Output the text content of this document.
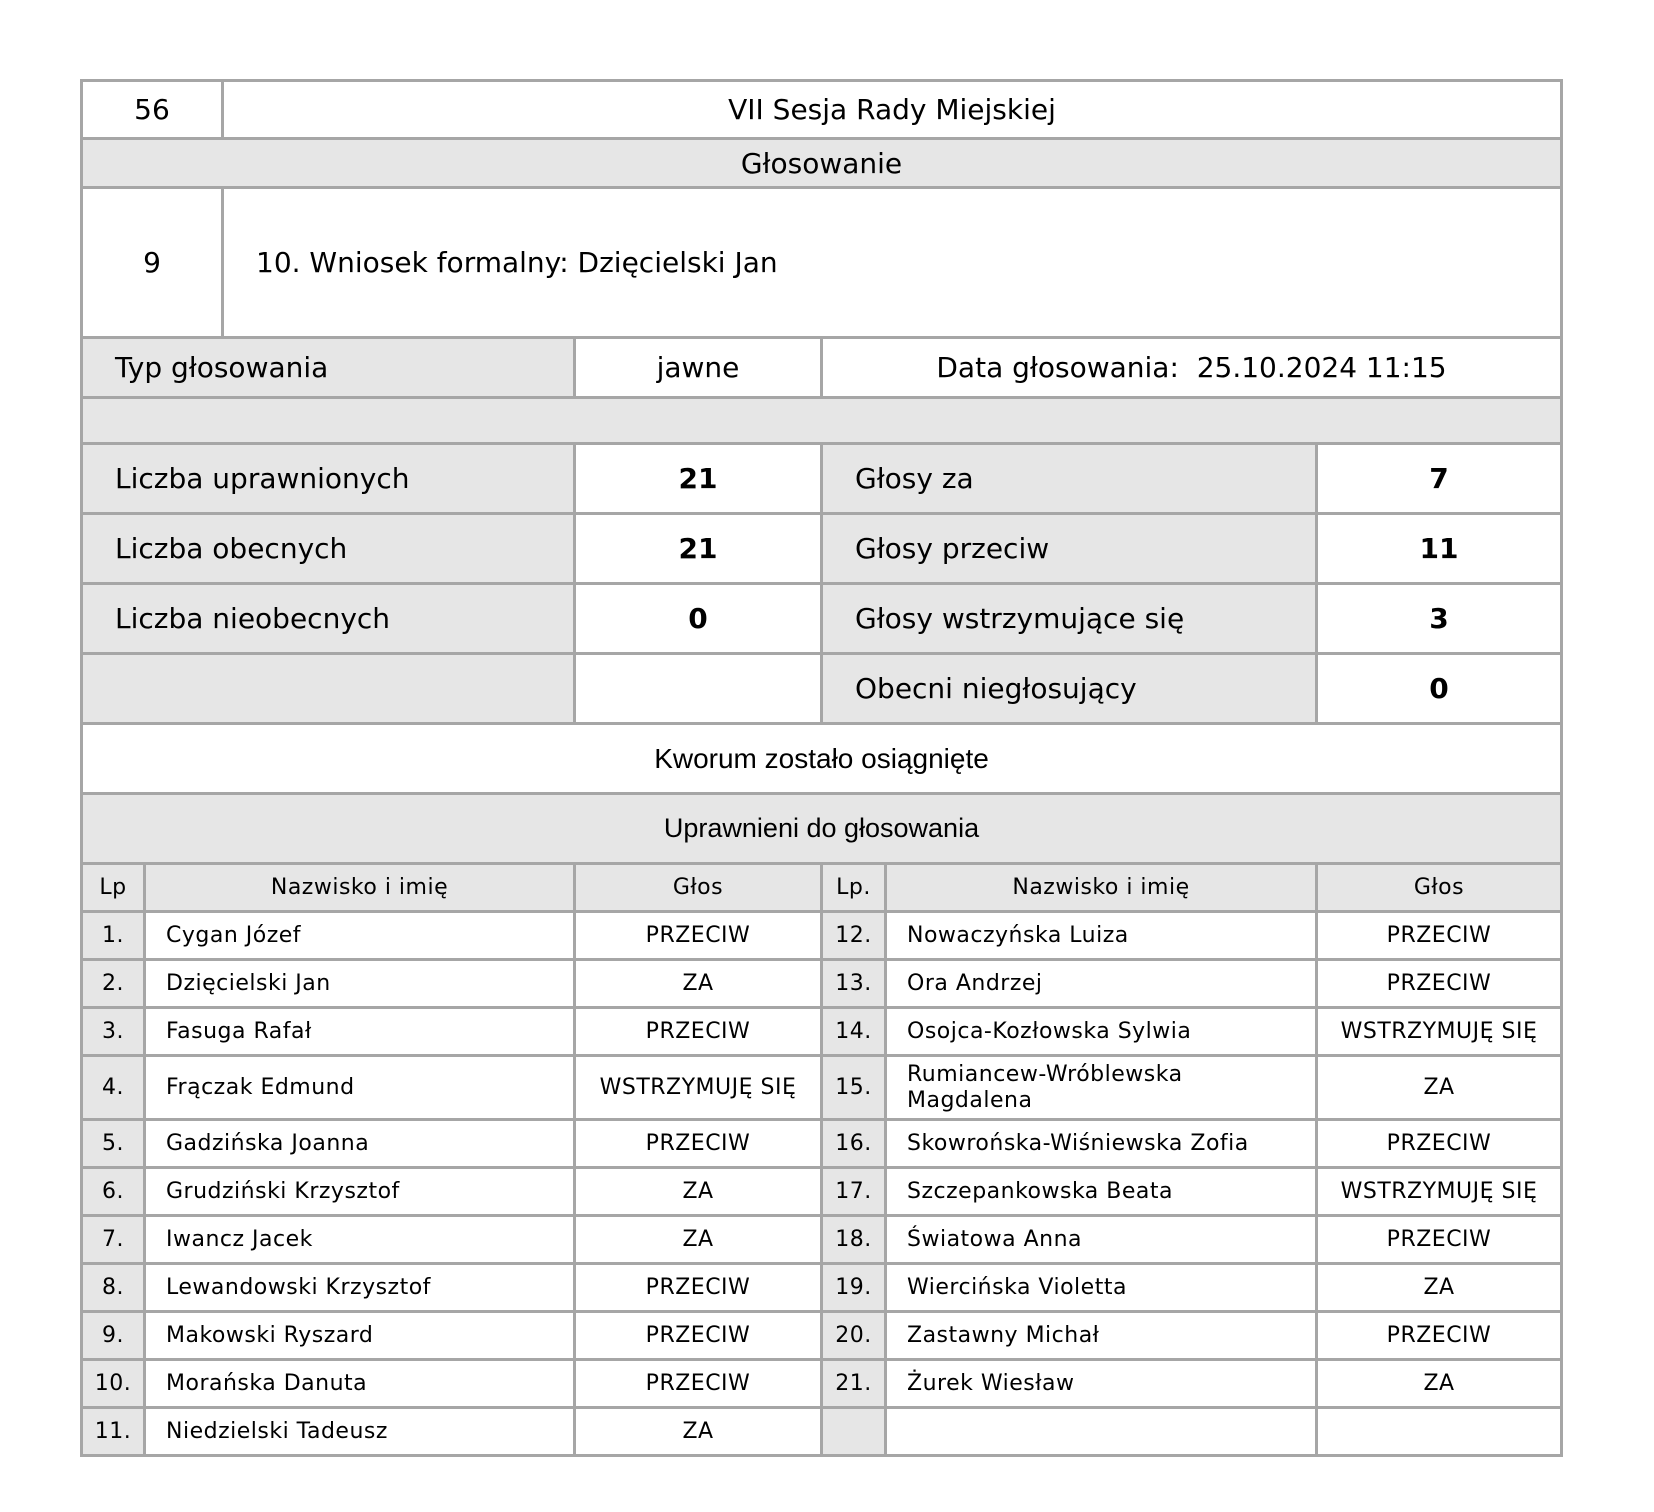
56	VII Sesja Rady Miejskiej
Głosowanie	
9	10. Wniosek formalny: Dzięcielski Jan
Typ głosowania	jawne	Data głosowania: 25.10.2024 11:15	

Liczba uprawnionych	21	Głosy za	7
Liczba obecnych	21	Głosy przeciw	11
Liczba nieobecnych	0	Głosy wstrzymujące się	3
		Obecni niegłosujący	0
Kworum zostało osiągnięte			
Uprawnieni do głosowania			
Lp	Nazwisko i imię	Głos	Lp.	Nazwisko i imię	Głos
1.	Cygan Józef	PRZECIW	12.	Nowaczyńska Luiza	PRZECIW
2.	Dzięcielski Jan	ZA	13.	Ora Andrzej	PRZECIW
3.	Fasuga Rafał	PRZECIW	14.	Osojca-Kozłowska Sylwia	WSTRZYMUJĘ SIĘ
4.	Frączak Edmund	WSTRZYMUJĘ SIĘ	15.	Rumiancew-Wróblewska Magdalena	ZA
5.	Gadzińska Joanna	PRZECIW	16.	Skowrońska-Wiśniewska Zofia	PRZECIW
6.	Grudziński Krzysztof	ZA	17.	Szczepankowska Beata	WSTRZYMUJĘ SIĘ
7.	Iwancz Jacek	ZA	18.	Światowa Anna	PRZECIW
8.	Lewandowski Krzysztof	PRZECIW	19.	Wiercińska Violetta	ZA
9.	Makowski Ryszard	PRZECIW	20.	Zastawny Michał	PRZECIW
10.	Morańska Danuta	PRZECIW	21.	Żurek Wiesław	ZA
11.	Niedzielski Tadeusz	ZA			
